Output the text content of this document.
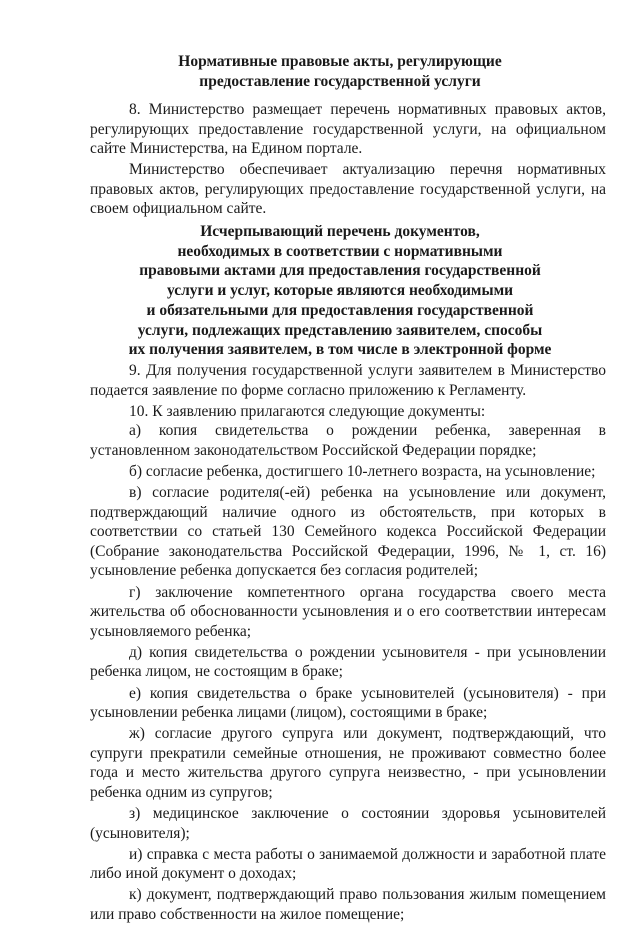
Нормативные правовые акты, регулирующие
предоставление государственной услуги

8. Министерство размещает перечень нормативных правовых актов, регулирующих предоставление государственной услуги, на официальном сайте Министерства, на Едином портале.

Министерство обеспечивает актуализацию перечня нормативных правовых актов, регулирующих предоставление государственной услуги, на своем официальном сайте.

Исчерпывающий перечень документов,
необходимых в соответствии с нормативными
правовыми актами для предоставления государственной
услуги и услуг, которые являются необходимыми
и обязательными для предоставления государственной
услуги, подлежащих представлению заявителем, способы
их получения заявителем, в том числе в электронной форме

9. Для получения государственной услуги заявителем в Министерство подается заявление по форме согласно приложению к Регламенту.

10. К заявлению прилагаются следующие документы:

а) копия свидетельства о рождении ребенка, заверенная в установленном законодательством Российской Федерации порядке;

б) согласие ребенка, достигшего 10-летнего возраста, на усыновление;

в) согласие родителя(-ей) ребенка на усыновление или документ, подтверждающий наличие одного из обстоятельств, при которых в соответствии со статьей 130 Семейного кодекса Российской Федерации (Собрание законодательства Российской Федерации, 1996, № 1, ст. 16) усыновление ребенка допускается без согласия родителей;

г) заключение компетентного органа государства своего места жительства об обоснованности усыновления и о его соответствии интересам усыновляемого ребенка;

д) копия свидетельства о рождении усыновителя - при усыновлении ребенка лицом, не состоящим в браке;

е) копия свидетельства о браке усыновителей (усыновителя) - при усыновлении ребенка лицами (лицом), состоящими в браке;

ж) согласие другого супруга или документ, подтверждающий, что супруги прекратили семейные отношения, не проживают совместно более года и место жительства другого супруга неизвестно, - при усыновлении ребенка одним из супругов;

з) медицинское заключение о состоянии здоровья усыновителей (усыновителя);

и) справка с места работы о занимаемой должности и заработной плате либо иной документ о доходах;

к) документ, подтверждающий право пользования жилым помещением или право собственности на жилое помещение;
